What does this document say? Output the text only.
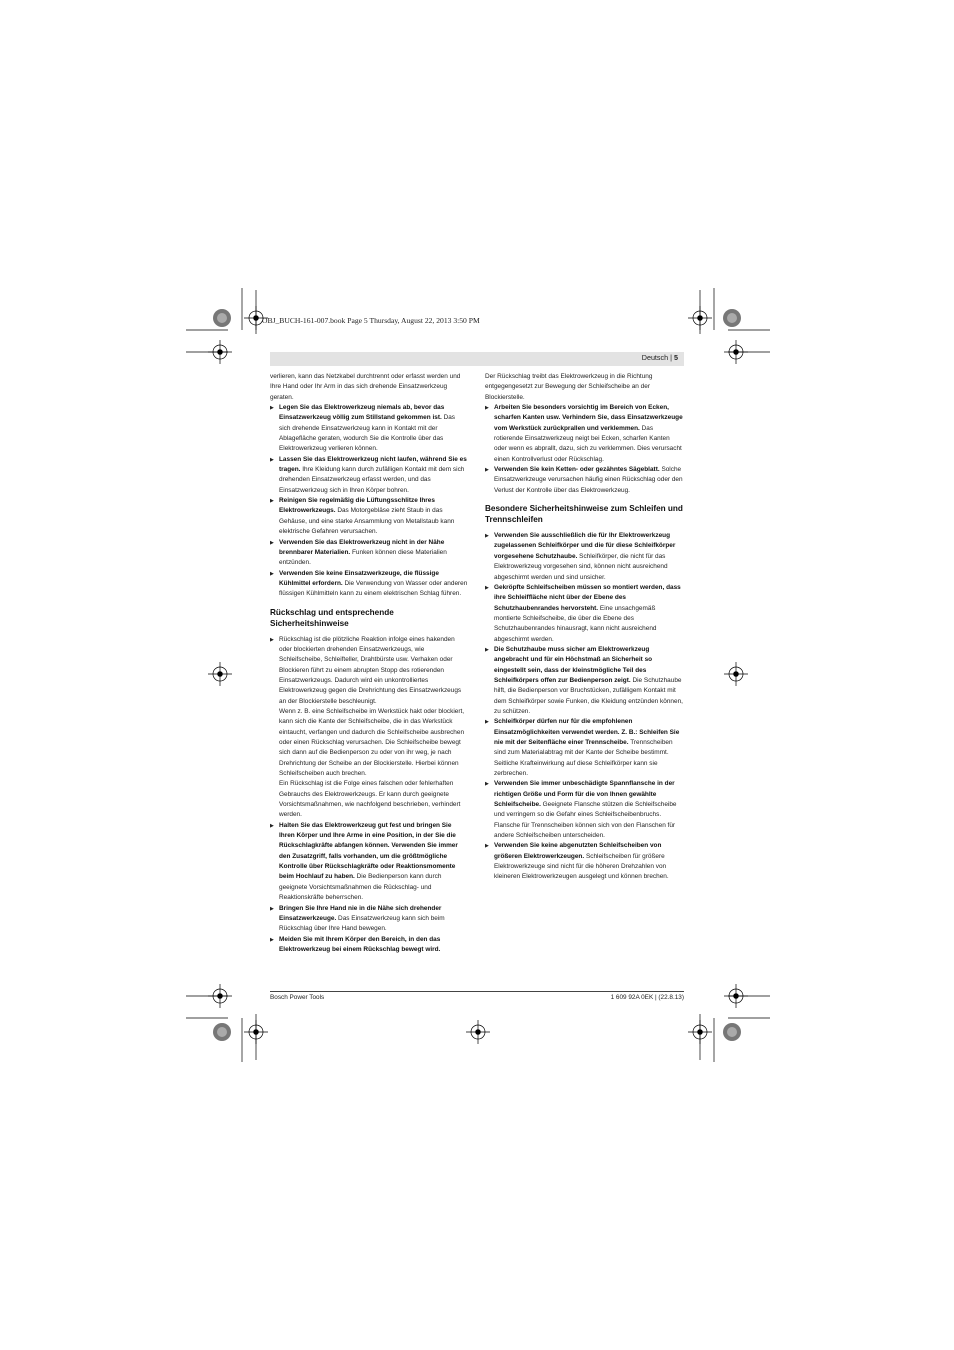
OBJ_BUCH-161-007.book Page 5 Thursday, August 22, 2013 3:50 PM
Deutsch | 5

verlieren, kann das Netzkabel durchtrennt oder erfasst werden und Ihre Hand oder Ihr Arm in das sich drehende Einsatzwerkzeug geraten.

▶ Legen Sie das Elektrowerkzeug niemals ab, bevor das Einsatzwerkzeug völlig zum Stillstand gekommen ist. Das sich drehende Einsatzwerkzeug kann in Kontakt mit der Ablagefläche geraten, wodurch Sie die Kontrolle über das Elektrowerkzeug verlieren können.

▶ Lassen Sie das Elektrowerkzeug nicht laufen, während Sie es tragen. Ihre Kleidung kann durch zufälligen Kontakt mit dem sich drehenden Einsatzwerkzeug erfasst werden, und das Einsatzwerkzeug sich in Ihren Körper bohren.

▶ Reinigen Sie regelmäßig die Lüftungsschlitze Ihres Elektrowerkzeugs. Das Motorgebläse zieht Staub in das Gehäuse, und eine starke Ansammlung von Metallstaub kann elektrische Gefahren verursachen.

▶ Verwenden Sie das Elektrowerkzeug nicht in der Nähe brennbarer Materialien. Funken können diese Materialien entzünden.

▶ Verwenden Sie keine Einsatzwerkzeuge, die flüssige Kühlmittel erfordern. Die Verwendung von Wasser oder anderen flüssigen Kühlmitteln kann zu einem elektrischen Schlag führen.

Rückschlag und entsprechende Sicherheitshinweise
▶ Rückschlag ist die plötzliche Reaktion infolge eines hakenden oder blockierten drehenden Einsatzwerkzeugs, wie Schleifscheibe, Schleifteller, Drahtbürste usw. Verhaken oder Blockieren führt zu einem abrupten Stopp des rotierenden Einsatzwerkzeugs. Dadurch wird ein unkontrolliertes Elektrowerkzeug gegen die Drehrichtung des Einsatzwerkzeugs an der Blockierstelle beschleunigt.
Wenn z. B. eine Schleifscheibe im Werkstück hakt oder blockiert, kann sich die Kante der Schleifscheibe, die in das Werkstück eintaucht, verfangen und dadurch die Schleifscheibe ausbrechen oder einen Rückschlag verursachen. Die Schleifscheibe bewegt sich dann auf die Bedienperson zu oder von ihr weg, je nach Drehrichtung der Scheibe an der Blockierstelle. Hierbei können Schleifscheiben auch brechen.
Ein Rückschlag ist die Folge eines falschen oder fehlerhaften Gebrauchs des Elektrowerkzeugs. Er kann durch geeignete Vorsichtsmaßnahmen, wie nachfolgend beschrieben, verhindert werden.

▶ Halten Sie das Elektrowerkzeug gut fest und bringen Sie Ihren Körper und Ihre Arme in eine Position, in der Sie die Rückschlagkräfte abfangen können. Verwenden Sie immer den Zusatzgriff, falls vorhanden, um die größtmögliche Kontrolle über Rückschlagkräfte oder Reaktionsmomente beim Hochlauf zu haben. Die Bedienperson kann durch geeignete Vorsichtsmaßnahmen die Rückschlag- und Reaktionskräfte beherrschen.

▶ Bringen Sie Ihre Hand nie in die Nähe sich drehender Einsatzwerkzeuge. Das Einsatzwerkzeug kann sich beim Rückschlag über Ihre Hand bewegen.

▶ Meiden Sie mit Ihrem Körper den Bereich, in den das Elektrowerkzeug bei einem Rückschlag bewegt wird.

Der Rückschlag treibt das Elektrowerkzeug in die Richtung entgegengesetzt zur Bewegung der Schleifscheibe an der Blockierstelle.

▶ Arbeiten Sie besonders vorsichtig im Bereich von Ecken, scharfen Kanten usw. Verhindern Sie, dass Einsatzwerkzeuge vom Werkstück zurückprallen und verklemmen. Das rotierende Einsatzwerkzeug neigt bei Ecken, scharfen Kanten oder wenn es abprallt, dazu, sich zu verklemmen. Dies verursacht einen Kontrollverlust oder Rückschlag.

▶ Verwenden Sie kein Ketten- oder gezähntes Sägeblatt. Solche Einsatzwerkzeuge verursachen häufig einen Rückschlag oder den Verlust der Kontrolle über das Elektrowerkzeug.

Besondere Sicherheitshinweise zum Schleifen und Trennschleifen

▶ Verwenden Sie ausschließlich die für Ihr Elektrowerkzeug zugelassenen Schleifkörper und die für diese Schleifkörper vorgesehene Schutzhaube. Schleifkörper, die nicht für das Elektrowerkzeug vorgesehen sind, können nicht ausreichend abgeschirmt werden und sind unsicher.

▶ Gekröpfte Schleifscheiben müssen so montiert werden, dass ihre Schleiffläche nicht über der Ebene des Schutzhaubenrandes hervorsteht. Eine unsachgemäß montierte Schleifscheibe, die über die Ebene des Schutzhaubenrandes hinausragt, kann nicht ausreichend abgeschirmt werden.

▶ Die Schutzhaube muss sicher am Elektrowerkzeug angebracht und für ein Höchstmaß an Sicherheit so eingestellt sein, dass der kleinstmögliche Teil des Schleifkörpers offen zur Bedienperson zeigt. Die Schutzhaube hilft, die Bedienperson vor Bruchstücken, zufälligem Kontakt mit dem Schleifkörper sowie Funken, die Kleidung entzünden können, zu schützen.

▶ Schleifkörper dürfen nur für die empfohlenen Einsatzmöglichkeiten verwendet werden. Z. B.: Schleifen Sie nie mit der Seitenfläche einer Trennscheibe. Trennscheiben sind zum Materialabtrag mit der Kante der Scheibe bestimmt. Seitliche Krafteinwirkung auf diese Schleifkörper kann sie zerbrechen.

▶ Verwenden Sie immer unbeschädigte Spannflansche in der richtigen Größe und Form für die von Ihnen gewählte Schleifscheibe. Geeignete Flansche stützen die Schleifscheibe und verringern so die Gefahr eines Schleifscheibenbruchs. Flansche für Trennscheiben können sich von den Flanschen für andere Schleifscheiben unterscheiden.

▶ Verwenden Sie keine abgenutzten Schleifscheiben von größeren Elektrowerkzeugen. Schleifscheiben für größere Elektrowerkzeuge sind nicht für die höheren Drehzahlen von kleineren Elektrowerkzeugen ausgelegt und können brechen.

Bosch Power Tools	1 609 92A 0EK | (22.8.13)
